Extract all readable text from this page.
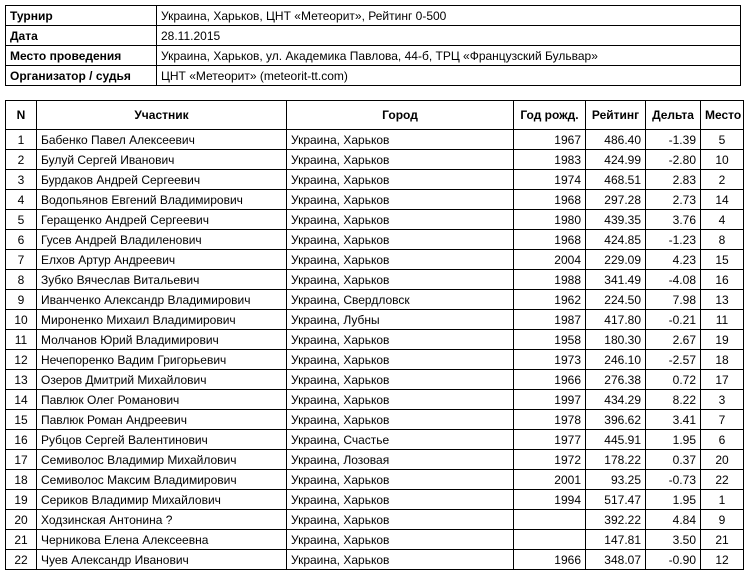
Турнир	Украина, Харьков, ЦНТ «Метеорит», Рейтинг 0-500
Дата	28.11.2015
Место проведения	Украина, Харьков, ул. Академика Павлова, 44-б, ТРЦ «Французский Бульвар»
Организатор / судья	ЦНТ «Метеорит» (meteorit-tt.com)
N	Участник	Город	Год рожд.	Рейтинг	Дельта	Место
1	Бабенко Павел Алексеевич	Украина, Харьков	1967	486.40	-1.39	5
2	Булуй Сергей Иванович	Украина, Харьков	1983	424.99	-2.80	10
3	Бурдаков Андрей Сергеевич	Украина, Харьков	1974	468.51	2.83	2
4	Водопьянов Евгений Владимирович	Украина, Харьков	1968	297.28	2.73	14
5	Геращенко Андрей Сергеевич	Украина, Харьков	1980	439.35	3.76	4
6	Гусев Андрей Владиленович	Украина, Харьков	1968	424.85	-1.23	8
7	Елхов Артур Андреевич	Украина, Харьков	2004	229.09	4.23	15
8	Зубко Вячеслав Витальевич	Украина, Харьков	1988	341.49	-4.08	16
9	Иванченко Александр Владимирович	Украина, Свердловск	1962	224.50	7.98	13
10	Мироненко Михаил Владимирович	Украина, Лубны	1987	417.80	-0.21	11
11	Молчанов Юрий Владимирович	Украина, Харьков	1958	180.30	2.67	19
12	Нечепоренко Вадим Григорьевич	Украина, Харьков	1973	246.10	-2.57	18
13	Озеров Дмитрий Михайлович	Украина, Харьков	1966	276.38	0.72	17
14	Павлюк Олег Романович	Украина, Харьков	1997	434.29	8.22	3
15	Павлюк Роман Андреевич	Украина, Харьков	1978	396.62	3.41	7
16	Рубцов Сергей Валентинович	Украина, Счастье	1977	445.91	1.95	6
17	Семиволос Владимир Михайлович	Украина, Лозовая	1972	178.22	0.37	20
18	Семиволос Максим Владимирович	Украина, Харьков	2001	93.25	-0.73	22
19	Сериков Владимир Михайлович	Украина, Харьков	1994	517.47	1.95	1
20	Ходзинская Антонина ?	Украина, Харьков		392.22	4.84	9
21	Черникова Елена Алексеевна	Украина, Харьков		147.81	3.50	21
22	Чуев Александр Иванович	Украина, Харьков	1966	348.07	-0.90	12
